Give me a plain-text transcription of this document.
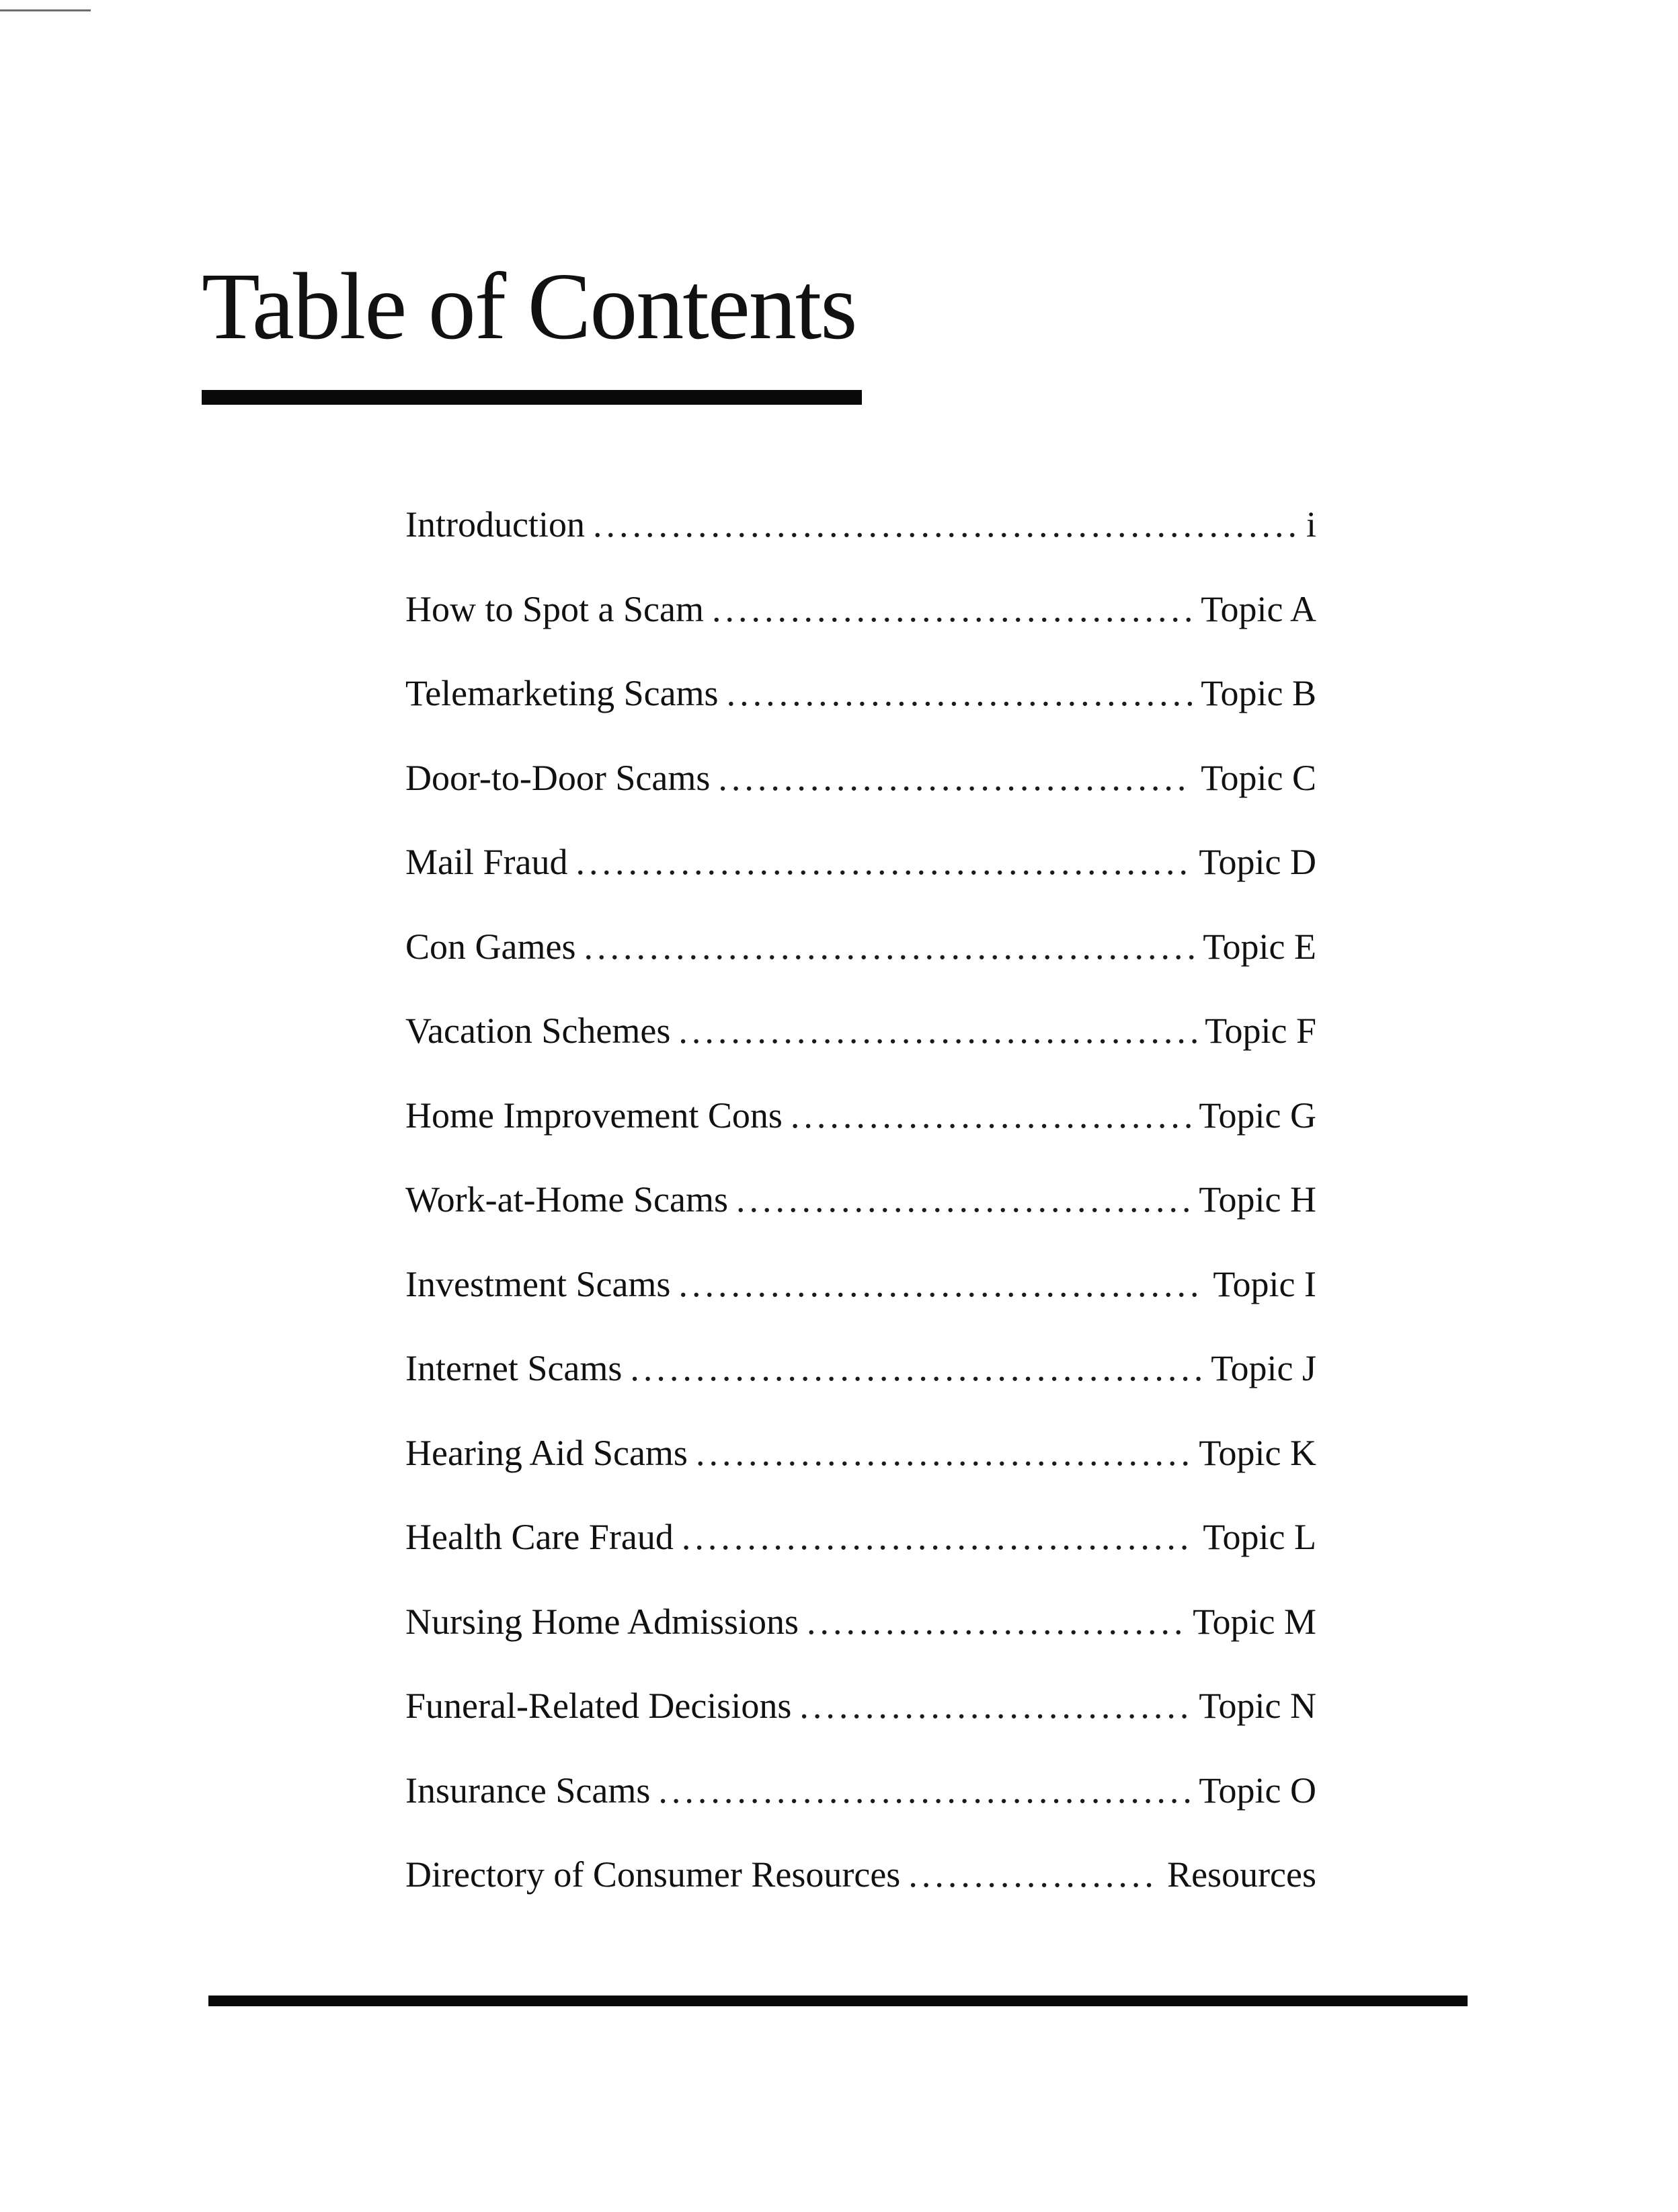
Table of Contents
Introduction .....	i
How to Spot a Scam .....	Topic A
Telemarketing Scams .....	Topic B
Door-to-Door Scams .....	Topic C
Mail Fraud .....	Topic D
Con Games .....	Topic E
Vacation Schemes .....	Topic F
Home Improvement Cons .....	Topic G
Work-at-Home Scams .....	Topic H
Investment Scams .....	Topic I
Internet Scams .....	Topic J
Hearing Aid Scams .....	Topic K
Health Care Fraud .....	Topic L
Nursing Home Admissions .....	Topic M
Funeral-Related Decisions .....	Topic N
Insurance Scams .....	Topic O
Directory of Consumer Resources .....	Resources
